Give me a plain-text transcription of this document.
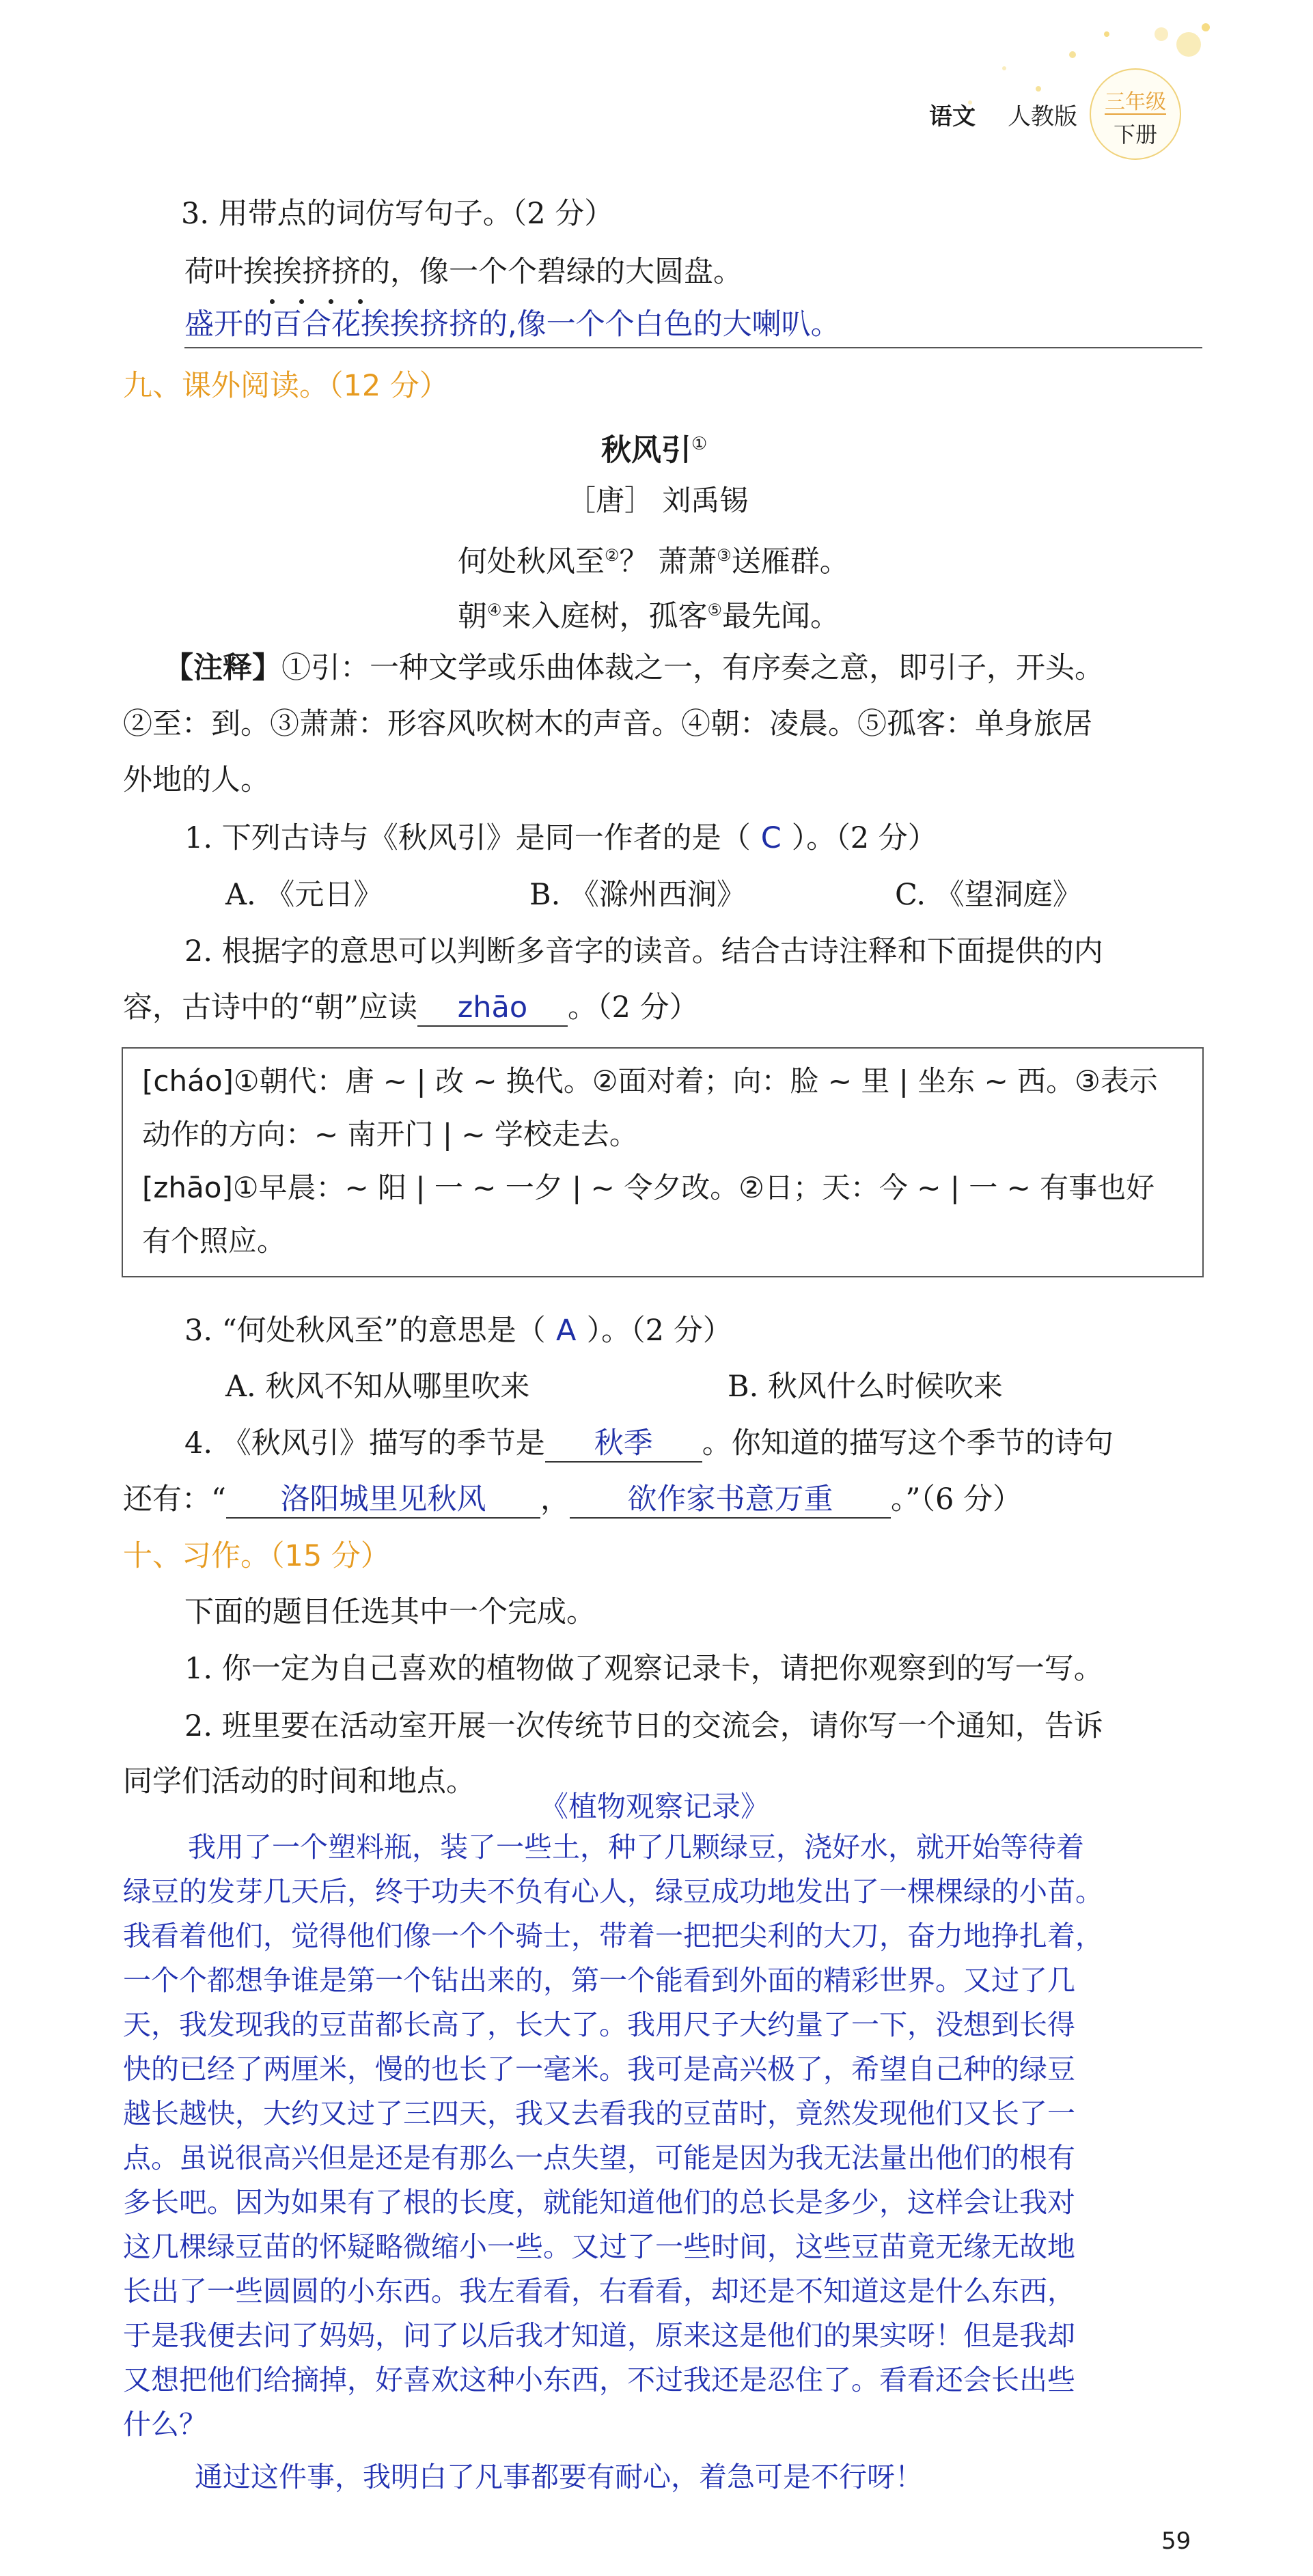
语文 人教版
三年级
下册
3. 用带点的词仿写句子。（2 分）
荷叶挨挨挤挤的，像一个个碧绿的大圆盘。
盛开的百合花挨挨挤挤的,像一个个白色的大喇叭。
九、课外阅读。（12 分）
秋风引①
［唐］ 刘禹锡
何处秋风至②？ 萧萧③送雁群。
朝④来入庭树，孤客⑤最先闻。
【注释】①引：一种文学或乐曲体裁之一，有序奏之意，即引子，开头。
②至：到。③萧萧：形容风吹树木的声音。④朝：凌晨。⑤孤客：单身旅居
外地的人。
1. 下列古诗与《秋风引》是同一作者的是（ C ）。（2 分）
A. 《元日》	B. 《滁州西涧》	C. 《望洞庭》
2. 根据字的意思可以判断多音字的读音。结合古诗注释和下面提供的内
容，古诗中的“朝”应读 zhāo 。（2 分）
[cháo]①朝代：唐 ~ | 改 ~ 换代。②面对着；向：脸 ~ 里 | 坐东 ~ 西。③表示
动作的方向：~ 南开门 | ~ 学校走去。
[zhāo]①早晨：~ 阳 | 一 ~ 一夕 | ~ 令夕改。②日；天：今 ~ | 一 ~ 有事也好
有个照应。
3. “何处秋风至”的意思是（ A ）。（2 分）
A. 秋风不知从哪里吹来	B. 秋风什么时候吹来
4. 《秋风引》描写的季节是 秋季 。你知道的描写这个季节的诗句
还有：“ 洛阳城里见秋风 ， 欲作家书意万重 。”（6 分）
十、习作。（15 分）
下面的题目任选其中一个完成。
1. 你一定为自己喜欢的植物做了观察记录卡，请把你观察到的写一写。
2. 班里要在活动室开展一次传统节日的交流会，请你写一个通知，告诉
同学们活动的时间和地点。
《植物观察记录》
我用了一个塑料瓶，装了一些土，种了几颗绿豆，浇好水，就开始等待着
绿豆的发芽几天后，终于功夫不负有心人，绿豆成功地发出了一棵棵绿的小苗。
我看着他们，觉得他们像一个个骑士，带着一把把尖利的大刀，奋力地挣扎着，
一个个都想争谁是第一个钻出来的，第一个能看到外面的精彩世界。又过了几
天，我发现我的豆苗都长高了，长大了。我用尺子大约量了一下，没想到长得
快的已经了两厘米，慢的也长了一毫米。我可是高兴极了，希望自己种的绿豆
越长越快，大约又过了三四天，我又去看我的豆苗时，竟然发现他们又长了一
点。虽说很高兴但是还是有那么一点失望，可能是因为我无法量出他们的根有
多长吧。因为如果有了根的长度，就能知道他们的总长是多少，这样会让我对
这几棵绿豆苗的怀疑略微缩小一些。又过了一些时间，这些豆苗竟无缘无故地
长出了一些圆圆的小东西。我左看看，右看看，却还是不知道这是什么东西，
于是我便去问了妈妈，问了以后我才知道，原来这是他们的果实呀！但是我却
又想把他们给摘掉，好喜欢这种小东西，不过我还是忍住了。看看还会长出些
什么？
通过这件事，我明白了凡事都要有耐心，着急可是不行呀！
59
